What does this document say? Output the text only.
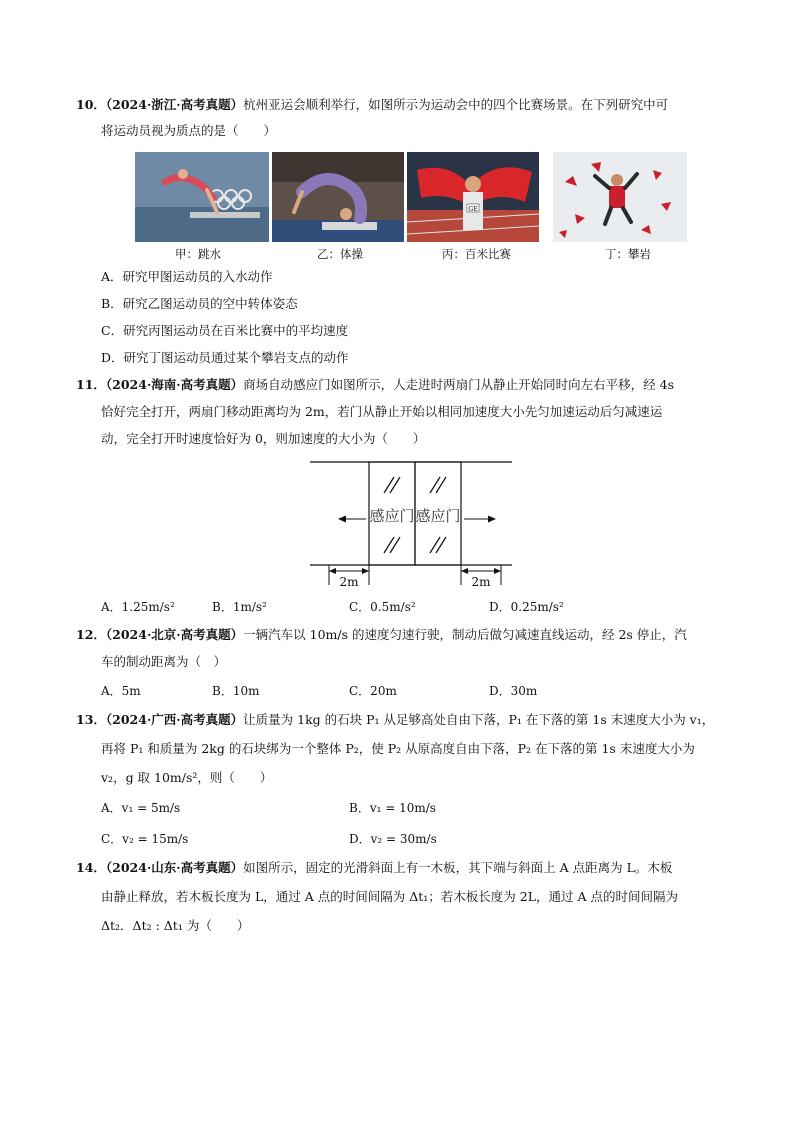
10．（2024·浙江·高考真题）杭州亚运会顺利举行，如图所示为运动会中的四个比赛场景。在下列研究中可
将运动员视为质点的是（　　）
甲：跳水	乙：体操
GE
丙：百米比赛	丁：攀岩
A．研究甲图运动员的入水动作
B．研究乙图运动员的空中转体姿态
C．研究丙图运动员在百米比赛中的平均速度
D．研究丁图运动员通过某个攀岩支点的动作
11．（2024·海南·高考真题）商场自动感应门如图所示，人走进时两扇门从静止开始同时向左右平移，经 4s
恰好完全打开，两扇门移动距离均为 2m，若门从静止开始以相同加速度大小先匀加速运动后匀减速运
动，完全打开时速度恰好为 0，则加速度的大小为（　　）
感应门 感应门
2m	2m
A．1.25m/s²	B．1m/s²	C．0.5m/s²	D．0.25m/s²
12．（2024·北京·高考真题）一辆汽车以 10m/s 的速度匀速行驶，制动后做匀减速直线运动，经 2s 停止，汽
车的制动距离为（　）
A．5m	B．10m	C．20m	D．30m
13．（2024·广西·高考真题）让质量为 1kg 的石块 P₁ 从足够高处自由下落，P₁ 在下落的第 1s 末速度大小为 v₁，
再将 P₁ 和质量为 2kg 的石块绑为一个整体 P₂，使 P₂ 从原高度自由下落，P₂ 在下落的第 1s 末速度大小为
v₂，g 取 10m/s²，则（　　）
A．v₁ = 5m/s	B．v₁ = 10m/s
C．v₂ = 15m/s	D．v₂ = 30m/s
14．（2024·山东·高考真题）如图所示，固定的光滑斜面上有一木板，其下端与斜面上 A 点距离为 L。木板
由静止释放，若木板长度为 L，通过 A 点的时间间隔为 Δt₁；若木板长度为 2L，通过 A 点的时间间隔为
Δt₂．Δt₂ : Δt₁ 为（　　）
